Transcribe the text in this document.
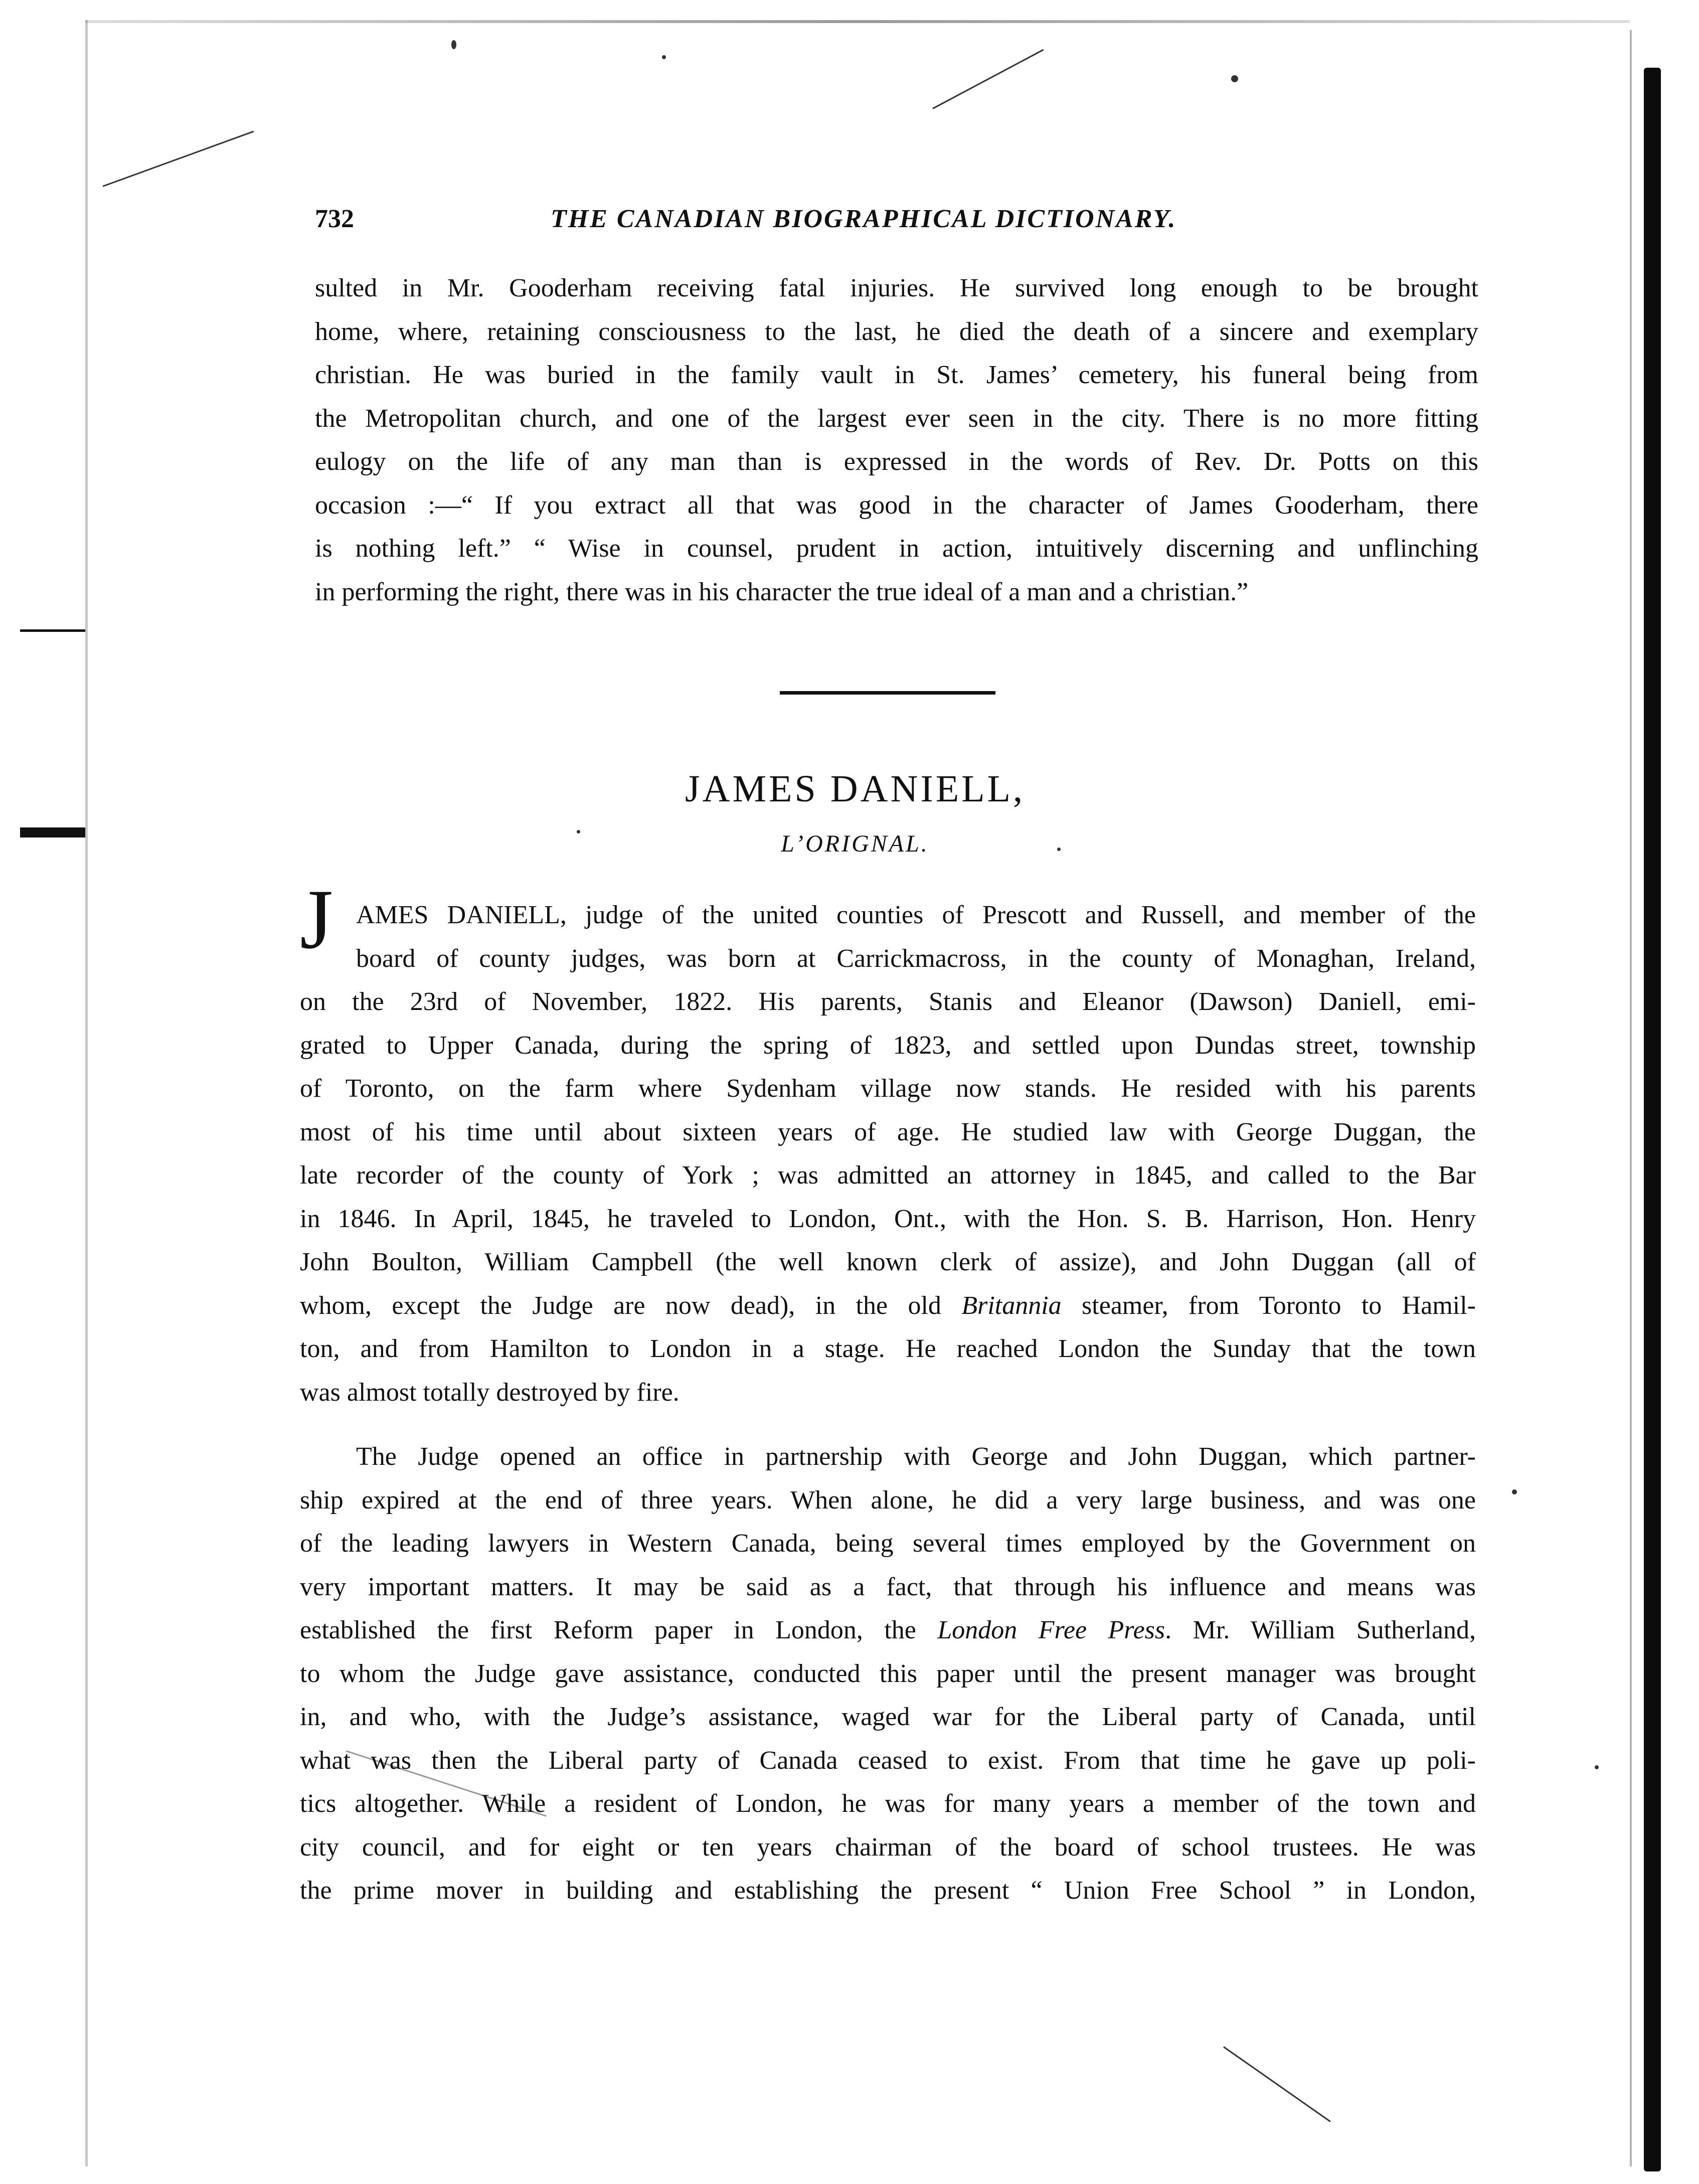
732	THE CANADIAN BIOGRAPHICAL DICTIONARY.
sulted in Mr. Gooderham receiving fatal injuries. He survived long enough to be brought
home, where, retaining consciousness to the last, he died the death of a sincere and exemplary
christian. He was buried in the family vault in St. James’ cemetery, his funeral being from
the Metropolitan church, and one of the largest ever seen in the city. There is no more fitting
eulogy on the life of any man than is expressed in the words of Rev. Dr. Potts on this
occasion :—“ If you extract all that was good in the character of James Gooderham, there
is nothing left.” “ Wise in counsel, prudent in action, intuitively discerning and unflinching
in performing the right, there was in his character the true ideal of a man and a christian.”
JAMES DANIELL,
L’ORIGNAL.
J AMES DANIELL, judge of the united counties of Prescott and Russell, and member of the
board of county judges, was born at Carrickmacross, in the county of Monaghan, Ireland,
on the 23rd of November, 1822. His parents, Stanis and Eleanor (Dawson) Daniell, emi-
grated to Upper Canada, during the spring of 1823, and settled upon Dundas street, township
of Toronto, on the farm where Sydenham village now stands. He resided with his parents
most of his time until about sixteen years of age. He studied law with George Duggan, the
late recorder of the county of York ; was admitted an attorney in 1845, and called to the Bar
in 1846. In April, 1845, he traveled to London, Ont., with the Hon. S. B. Harrison, Hon. Henry
John Boulton, William Campbell (the well known clerk of assize), and John Duggan (all of
whom, except the Judge are now dead), in the old Britannia steamer, from Toronto to Hamil-
ton, and from Hamilton to London in a stage. He reached London the Sunday that the town
was almost totally destroyed by fire.
The Judge opened an office in partnership with George and John Duggan, which partner-
ship expired at the end of three years. When alone, he did a very large business, and was one
of the leading lawyers in Western Canada, being several times employed by the Government on
very important matters. It may be said as a fact, that through his influence and means was
established the first Reform paper in London, the London Free Press. Mr. William Sutherland,
to whom the Judge gave assistance, conducted this paper until the present manager was brought
in, and who, with the Judge’s assistance, waged war for the Liberal party of Canada, until
what was then the Liberal party of Canada ceased to exist. From that time he gave up poli-
tics altogether. While a resident of London, he was for many years a member of the town and
city council, and for eight or ten years chairman of the board of school trustees. He was
the prime mover in building and establishing the present “ Union Free School ” in London,
